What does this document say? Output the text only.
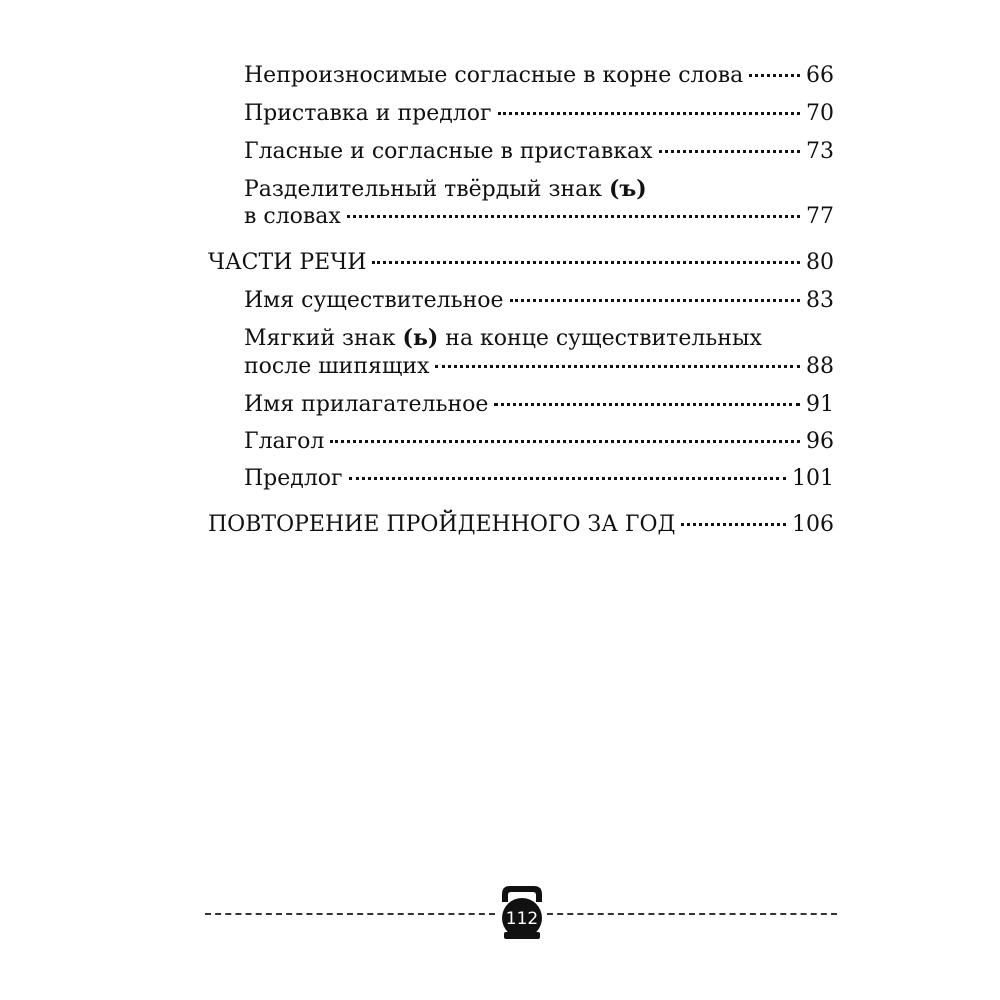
Непроизносимые согласные в корне слова	66
Приставка и предлог	70
Гласные и согласные в приставках	73
Разделительный твёрдый знак (ъ)
в словах	77
ЧАСТИ РЕЧИ	80
Имя существительное	83
Мягкий знак (ь) на конце существительных
после шипящих	88
Имя прилагательное	91
Глагол	96
Предлог	101
ПОВТОРЕНИЕ ПРОЙДЕННОГО ЗА ГОД	106
112
